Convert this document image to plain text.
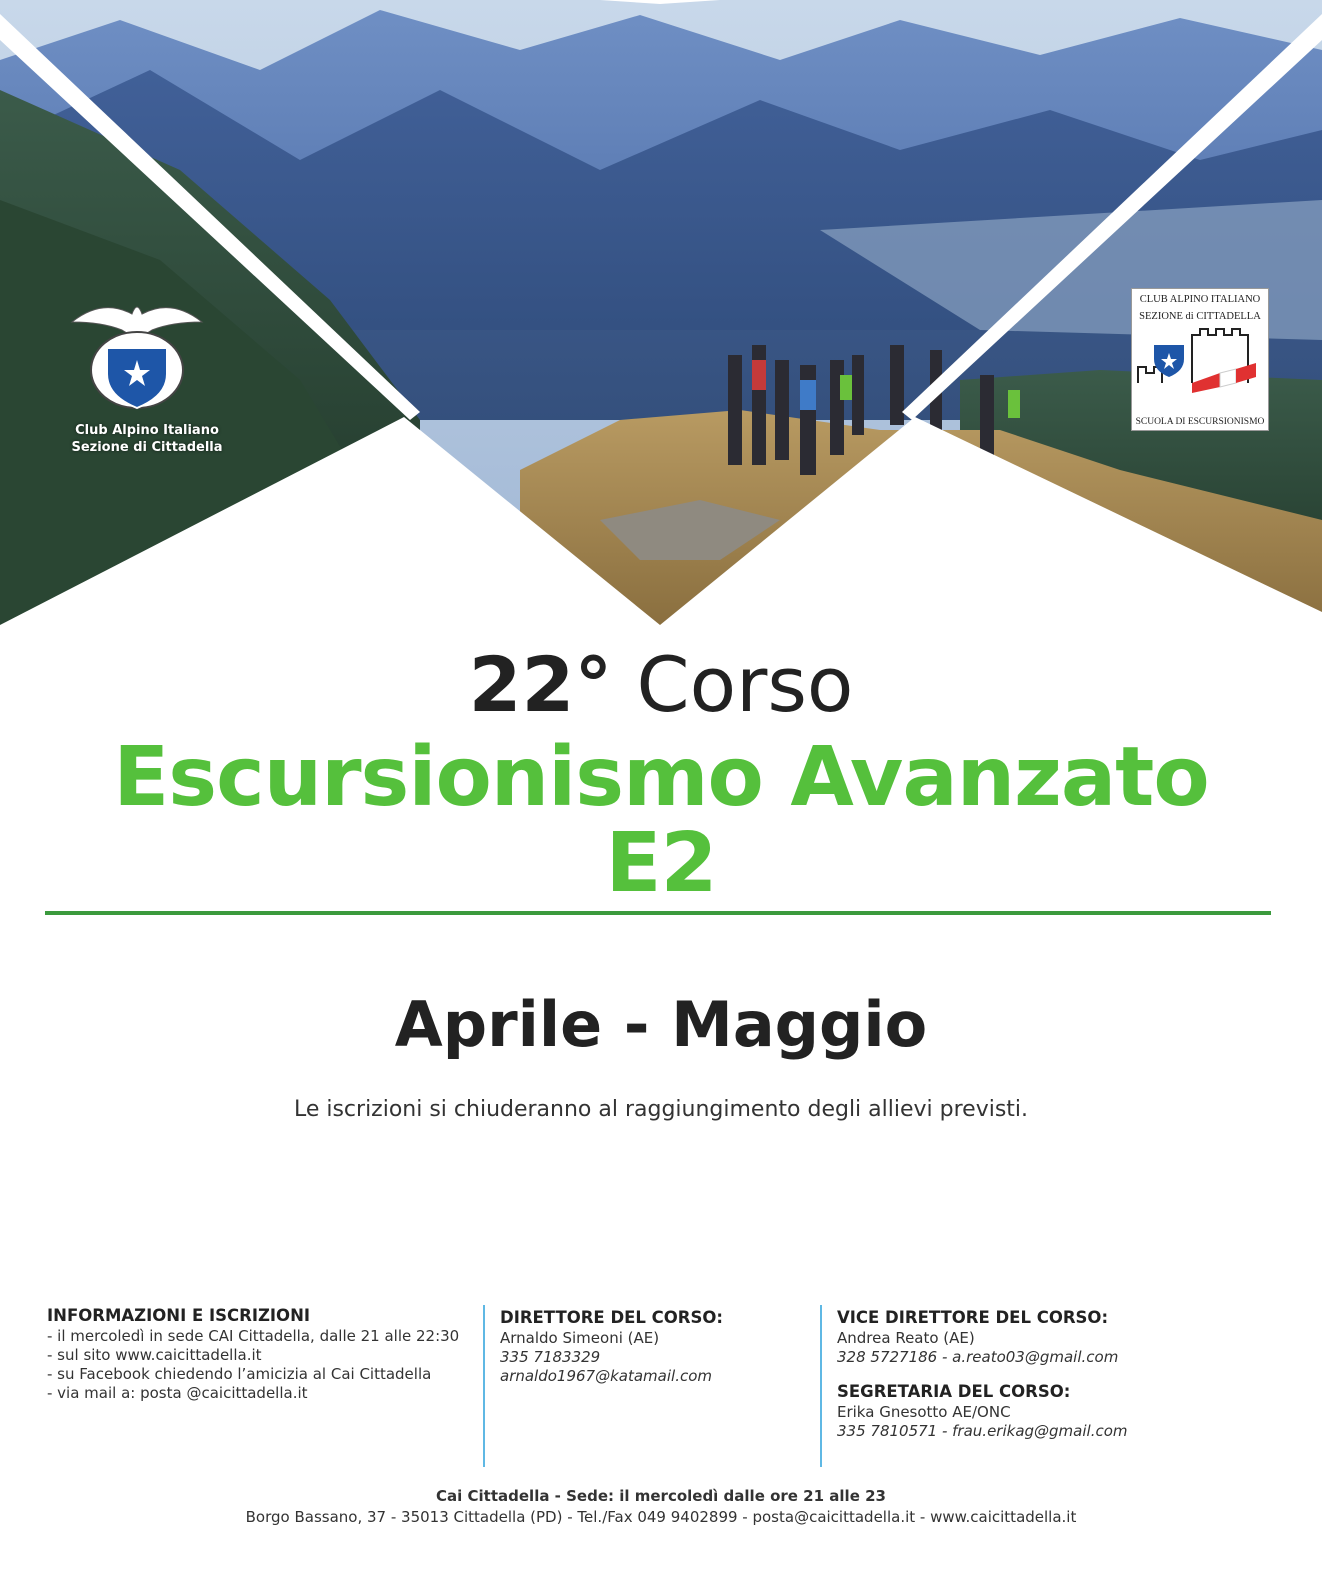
Club Alpino Italiano
Sezione di Cittadella
CLUB ALPINO ITALIANO
SEZIONE di CITTADELLA
SCUOLA DI ESCURSIONISMO
22° Corso
Escursionismo Avanzato
E2
Aprile - Maggio
Le iscrizioni si chiuderanno al raggiungimento degli allievi previsti.
INFORMAZIONI E ISCRIZIONI
- il mercoledì in sede CAI Cittadella, dalle 21 alle 22:30
- sul sito www.caicittadella.it
- su Facebook chiedendo l’amicizia al Cai Cittadella
- via mail a: posta @caicittadella.it
DIRETTORE DEL CORSO:
Arnaldo Simeoni (AE)
335 7183329
arnaldo1967@katamail.com
VICE DIRETTORE DEL CORSO:
Andrea Reato (AE)
328 5727186 - a.reato03@gmail.com
SEGRETARIA DEL CORSO:
Erika Gnesotto AE/ONC
335 7810571 - frau.erikag@gmail.com
Cai Cittadella - Sede: il mercoledì dalle ore 21 alle 23
Borgo Bassano, 37 - 35013 Cittadella (PD) - Tel./Fax 049 9402899 - posta@caicittadella.it - www.caicittadella.it
